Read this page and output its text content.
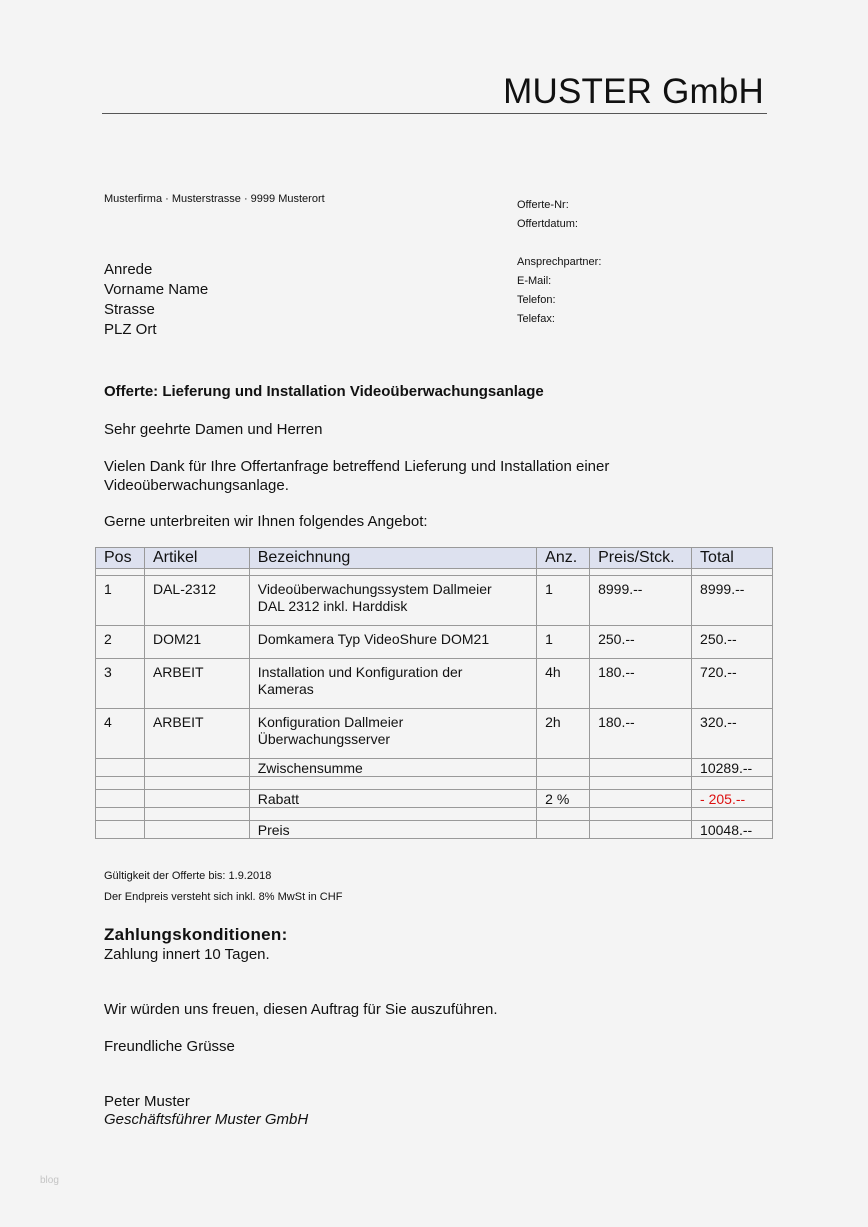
MUSTER GmbH
Musterfirma · Musterstrasse · 9999 Musterort	Offerte-Nr:
Offertdatum:
Ansprechpartner:
E-Mail:
Telefon:
Telefax:
Anrede
Vorname Name
Strasse
PLZ Ort
Offerte: Lieferung und Installation Videoüberwachungsanlage
Sehr geehrte Damen und Herren
Vielen Dank für Ihre Offertanfrage betreffend Lieferung und Installation einer
Videoüberwachungsanlage.
Gerne unterbreiten wir Ihnen folgendes Angebot:
Pos	Artikel	Bezeichnung	Anz.	Preis/Stck.	Total

1	DAL-2312	Videoüberwachungssystem Dallmeier
DAL 2312 inkl. Harddisk	1	8999.--	8999.--
2	DOM21	Domkamera Typ VideoShure DOM21	1	250.--	250.--
3	ARBEIT	Installation und Konfiguration der
Kameras	4h	180.--	720.--
4	ARBEIT	Konfiguration Dallmeier
Überwachungsserver	2h	180.--	320.--
		Zwischensumme			10289.--

		Rabatt	2 %		- 205.--

		Preis			10048.--
Gültigkeit der Offerte bis: 1.9.2018
Der Endpreis versteht sich inkl. 8% MwSt in CHF
Zahlungskonditionen:
Zahlung innert 10 Tagen.
Wir würden uns freuen, diesen Auftrag für Sie auszuführen.
Freundliche Grüsse
Peter Muster
Geschäftsführer Muster GmbH
blog
